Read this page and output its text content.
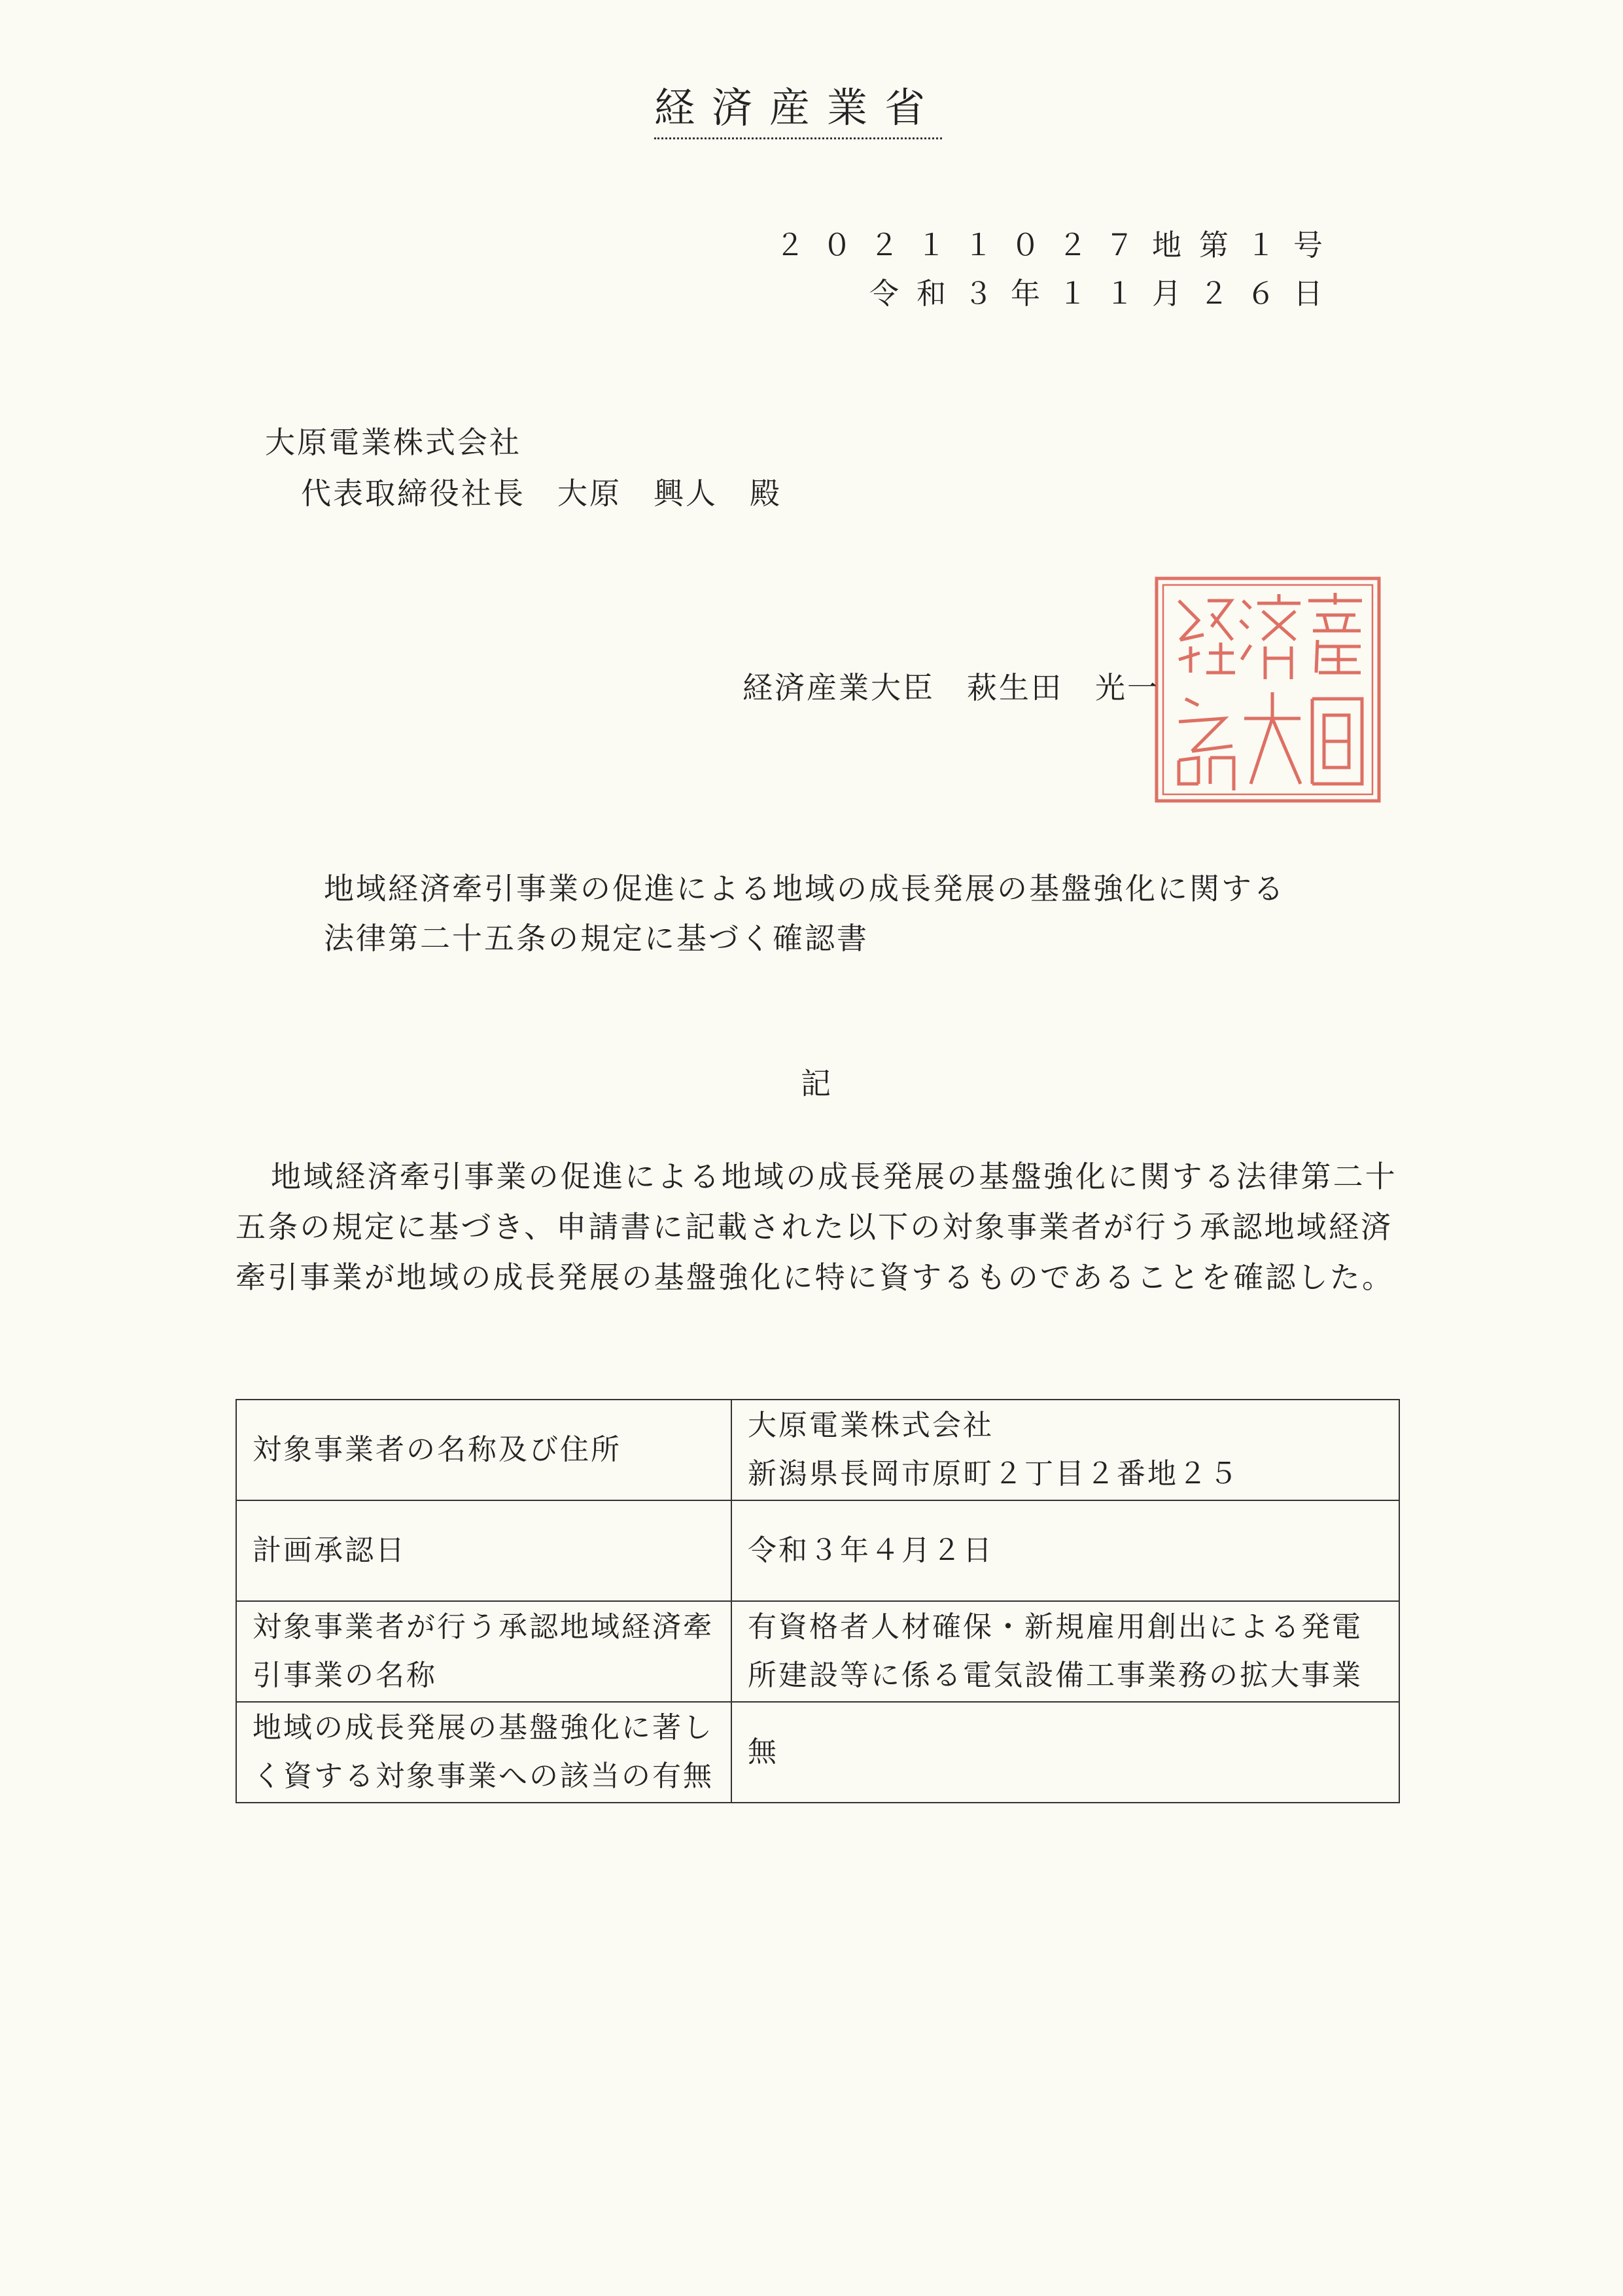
経済産業省
２０２１１０２７地第１号
令和３年１１月２６日
大原電業株式会社
代表取締役社長　大原　興人　殿
経済産業大臣　萩生田　光一
地域経済牽引事業の促進による地域の成長発展の基盤強化に関する
法律第二十五条の規定に基づく確認書
記

地域経済牽引事業の促進による地域の成長発展の基盤強化に関する法律第二十五条の規定に基づき、申請書に記載された以下の対象事業者が行う承認地域経済牽引事業が地域の成長発展の基盤強化に特に資するものであることを確認した。

対象事業者の名称及び住所	大原電業株式会社
新潟県長岡市原町２丁目２番地２５
計画承認日	令和３年４月２日
対象事業者が行う承認地域経済牽引事業の名称	有資格者人材確保・新規雇用創出による発電所建設等に係る電気設備工事業務の拡大事業
地域の成長発展の基盤強化に著しく資する対象事業への該当の有無	無
